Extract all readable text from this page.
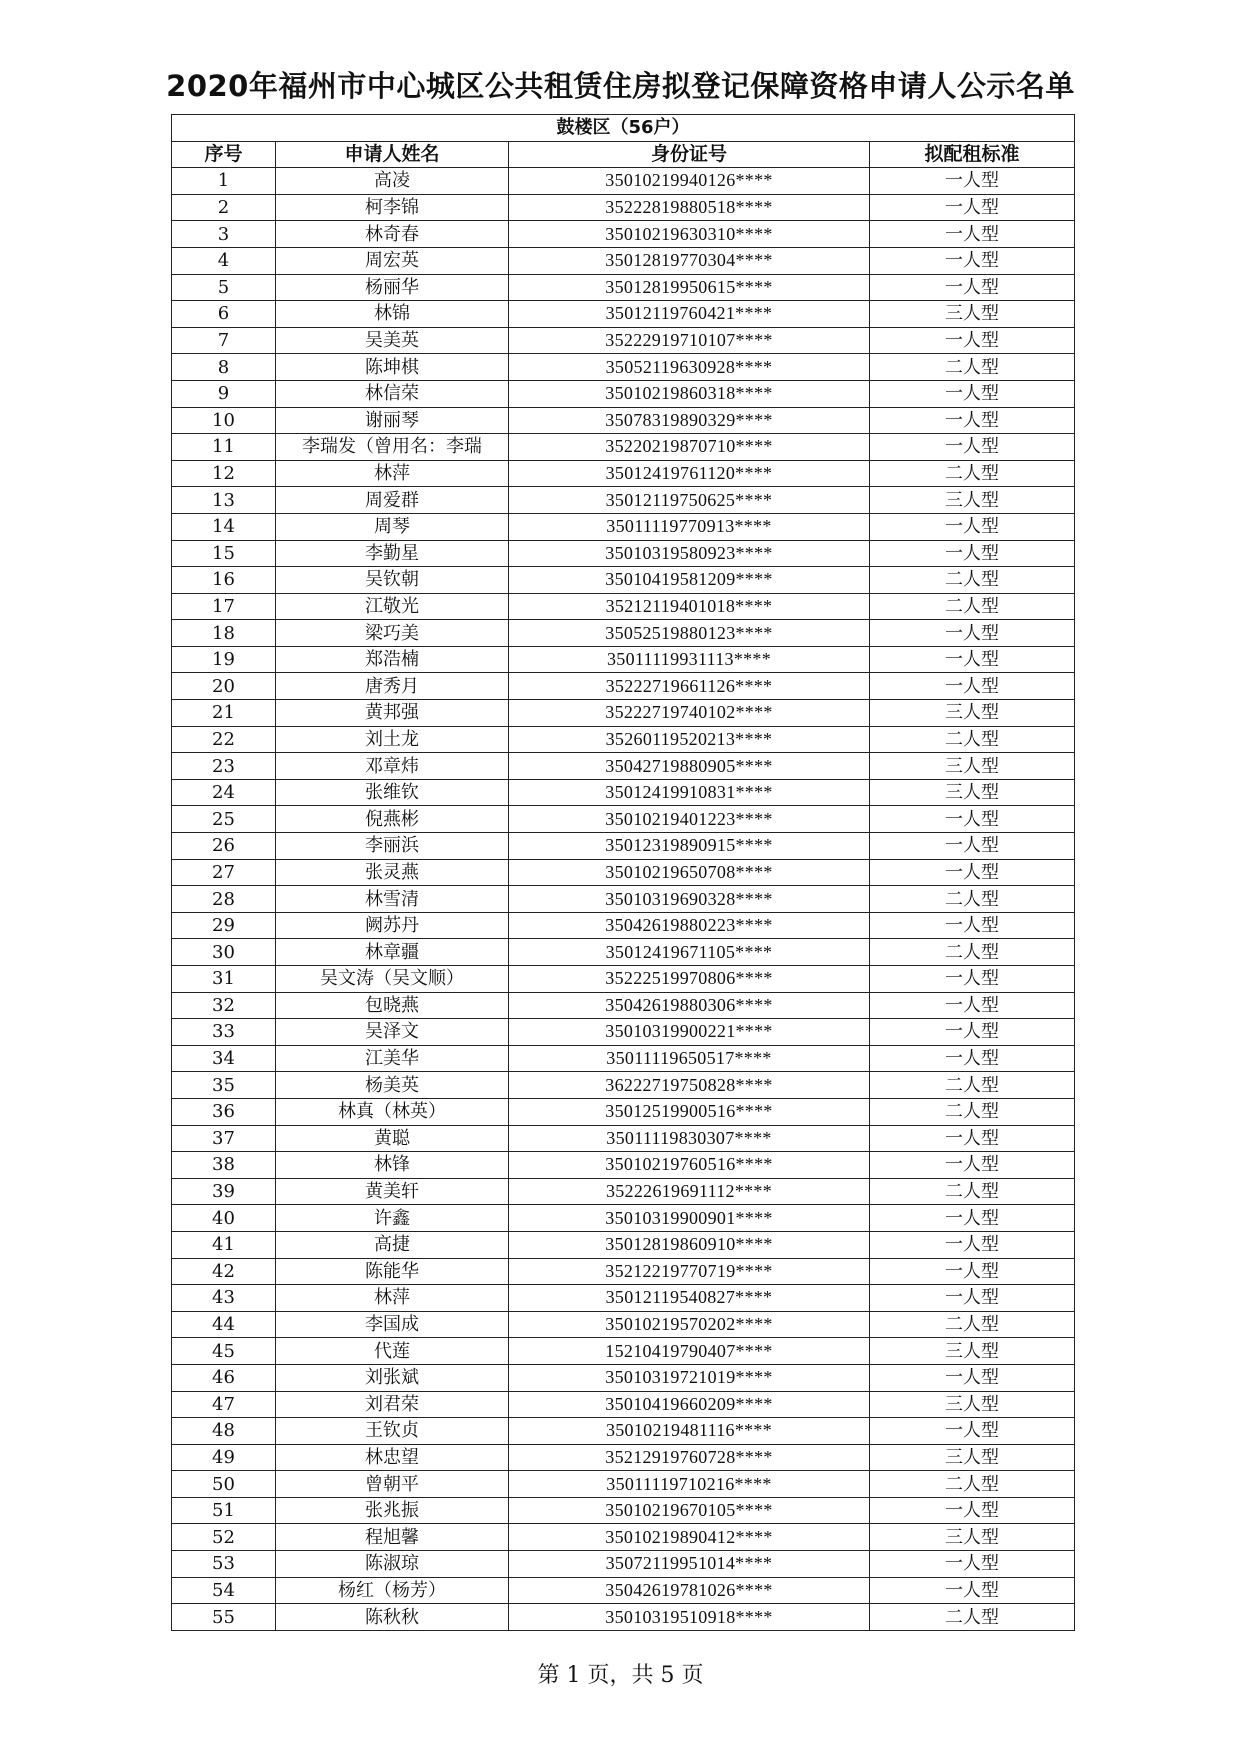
2020年福州市中心城区公共租赁住房拟登记保障资格申请人公示名单
鼓楼区（56户）			
序号	申请人姓名	身份证号	拟配租标准
1	高凌	35010219940126****	一人型
2	柯李锦	35222819880518****	一人型
3	林奇春	35010219630310****	一人型
4	周宏英	35012819770304****	一人型
5	杨丽华	35012819950615****	一人型
6	林锦	35012119760421****	三人型
7	吴美英	35222919710107****	一人型
8	陈坤棋	35052119630928****	二人型
9	林信荣	35010219860318****	一人型
10	谢丽琴	35078319890329****	一人型
11	李瑞发（曾用名：李瑞	35220219870710****	一人型
12	林萍	35012419761120****	二人型
13	周爱群	35012119750625****	三人型
14	周琴	35011119770913****	一人型
15	李勤星	35010319580923****	一人型
16	吴钦朝	35010419581209****	二人型
17	江敬光	35212119401018****	二人型
18	梁巧美	35052519880123****	一人型
19	郑浩楠	35011119931113****	一人型
20	唐秀月	35222719661126****	一人型
21	黄邦强	35222719740102****	三人型
22	刘土龙	35260119520213****	二人型
23	邓章炜	35042719880905****	三人型
24	张维钦	35012419910831****	三人型
25	倪燕彬	35010219401223****	一人型
26	李丽浜	35012319890915****	一人型
27	张灵燕	35010219650708****	一人型
28	林雪清	35010319690328****	二人型
29	阙苏丹	35042619880223****	一人型
30	林章疆	35012419671105****	二人型
31	吴文涛（吴文顺）	35222519970806****	一人型
32	包晓燕	35042619880306****	一人型
33	吴泽文	35010319900221****	一人型
34	江美华	35011119650517****	一人型
35	杨美英	36222719750828****	二人型
36	林真（林英）	35012519900516****	二人型
37	黄聪	35011119830307****	一人型
38	林锋	35010219760516****	一人型
39	黄美轩	35222619691112****	二人型
40	许鑫	35010319900901****	一人型
41	高捷	35012819860910****	一人型
42	陈能华	35212219770719****	一人型
43	林萍	35012119540827****	一人型
44	李国成	35010219570202****	二人型
45	代莲	15210419790407****	三人型
46	刘张斌	35010319721019****	一人型
47	刘君荣	35010419660209****	三人型
48	王钦贞	35010219481116****	一人型
49	林忠望	35212919760728****	三人型
50	曾朝平	35011119710216****	二人型
51	张兆振	35010219670105****	一人型
52	程旭馨	35010219890412****	三人型
53	陈淑琼	35072119951014****	一人型
54	杨红（杨芳）	35042619781026****	一人型
55	陈秋秋	35010319510918****	二人型
第 1 页，共 5 页
